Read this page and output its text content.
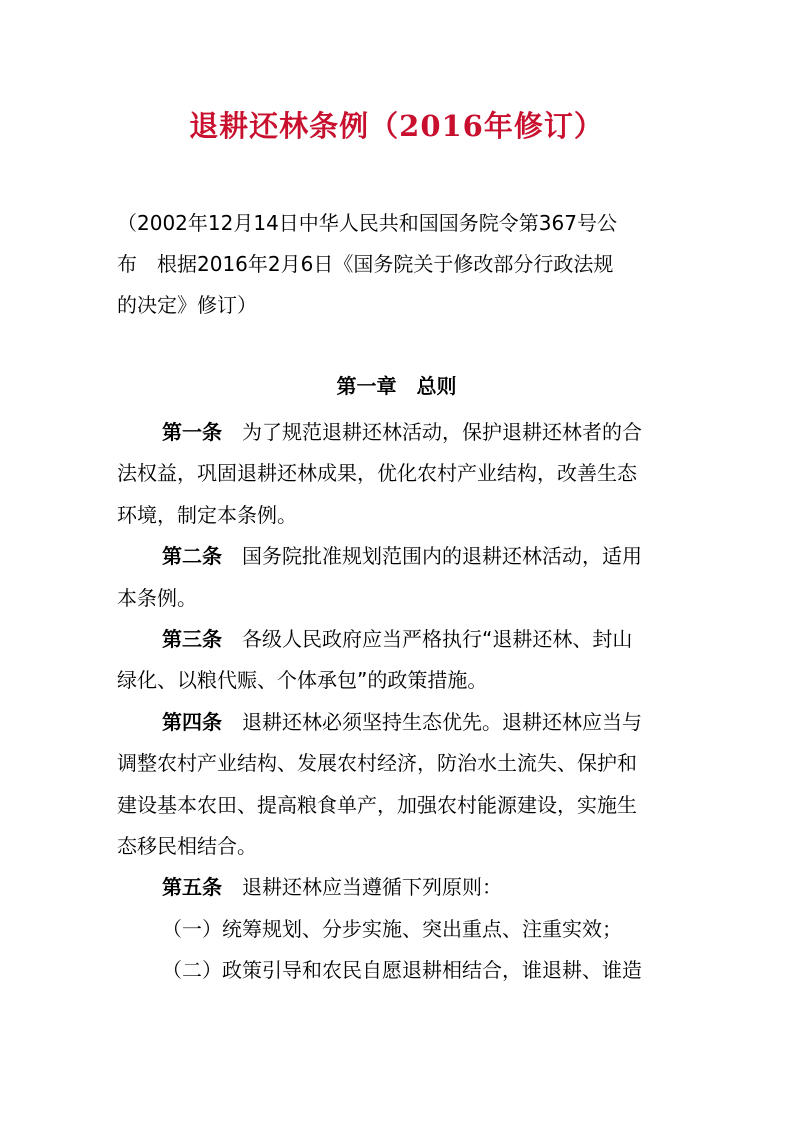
退耕还林条例（2016年修订）
（2002年12月14日中华人民共和国国务院令第367号公
布　根据2016年2月6日《国务院关于修改部分行政法规
的决定》修订）
第一章　总则
第一条 为了规范退耕还林活动，保护退耕还林者的合
法权益，巩固退耕还林成果，优化农村产业结构，改善生态
环境，制定本条例。
第二条 国务院批准规划范围内的退耕还林活动，适用
本条例。
第三条 各级人民政府应当严格执行“退耕还林、封山
绿化、以粮代赈、个体承包”的政策措施。
第四条 退耕还林必须坚持生态优先。退耕还林应当与
调整农村产业结构、发展农村经济，防治水土流失、保护和
建设基本农田、提高粮食单产，加强农村能源建设，实施生
态移民相结合。
第五条 退耕还林应当遵循下列原则：
（一）统筹规划、分步实施、突出重点、注重实效；
（二）政策引导和农民自愿退耕相结合，谁退耕、谁造
